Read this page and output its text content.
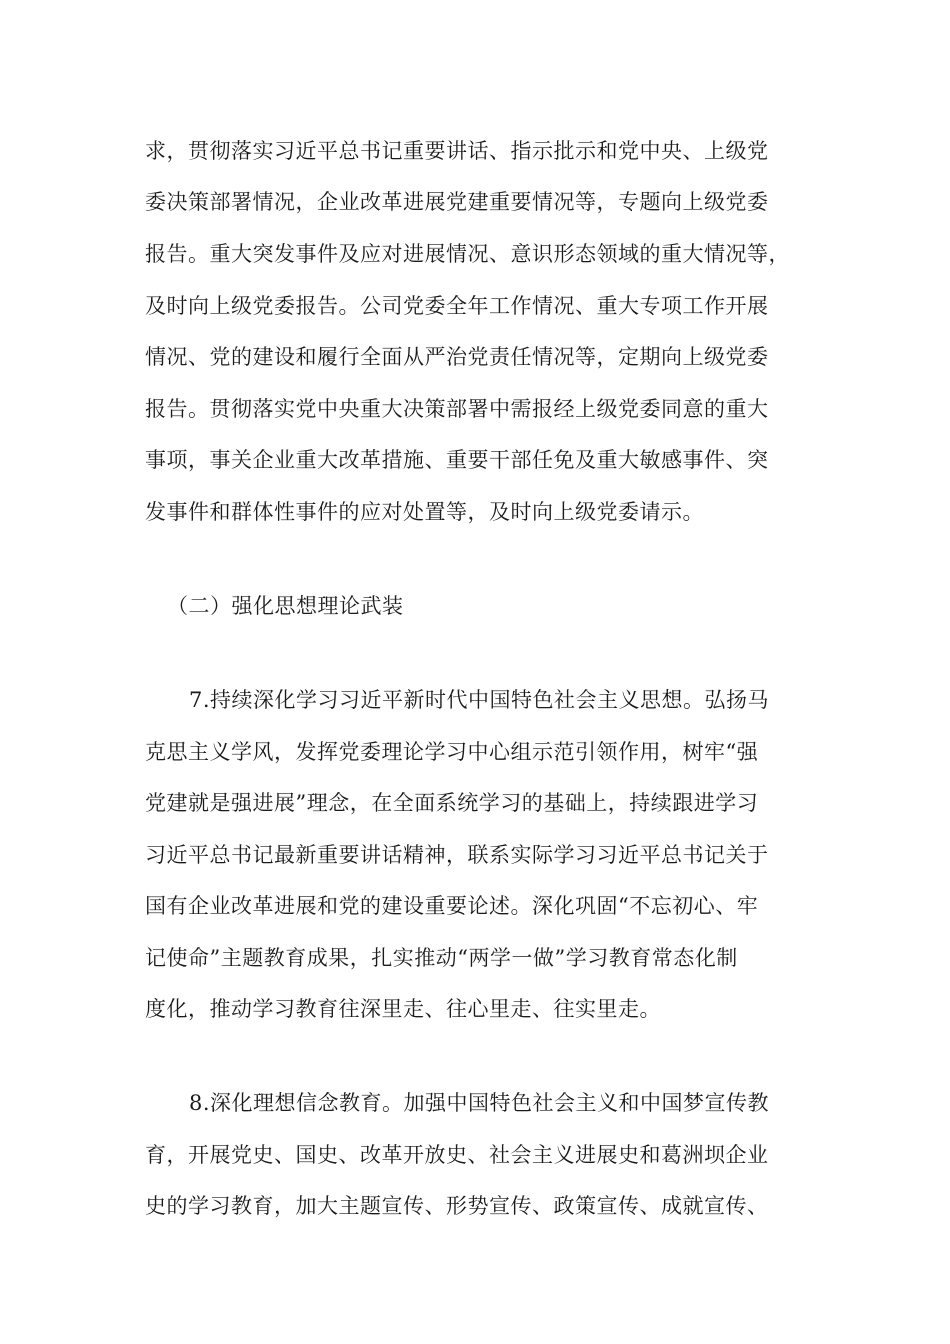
求，贯彻落实习近平总书记重要讲话、指示批示和党中央、上级党
委决策部署情况，企业改革进展党建重要情况等，专题向上级党委
报告。重大突发事件及应对进展情况、意识形态领域的重大情况等，
及时向上级党委报告。公司党委全年工作情况、重大专项工作开展
情况、党的建设和履行全面从严治党责任情况等，定期向上级党委
报告。贯彻落实党中央重大决策部署中需报经上级党委同意的重大
事项，事关企业重大改革措施、重要干部任免及重大敏感事件、突
发事件和群体性事件的应对处置等，及时向上级党委请示。
（二）强化思想理论武装
7.持续深化学习习近平新时代中国特色社会主义思想。弘扬马
克思主义学风，发挥党委理论学习中心组示范引领作用，树牢“强
党建就是强进展”理念，在全面系统学习的基础上，持续跟进学习
习近平总书记最新重要讲话精神，联系实际学习习近平总书记关于
国有企业改革进展和党的建设重要论述。深化巩固“不忘初心、牢
记使命”主题教育成果，扎实推动“两学一做”学习教育常态化制
度化，推动学习教育往深里走、往心里走、往实里走。
8.深化理想信念教育。加强中国特色社会主义和中国梦宣传教
育，开展党史、国史、改革开放史、社会主义进展史和葛洲坝企业
史的学习教育，加大主题宣传、形势宣传、政策宣传、成就宣传、
